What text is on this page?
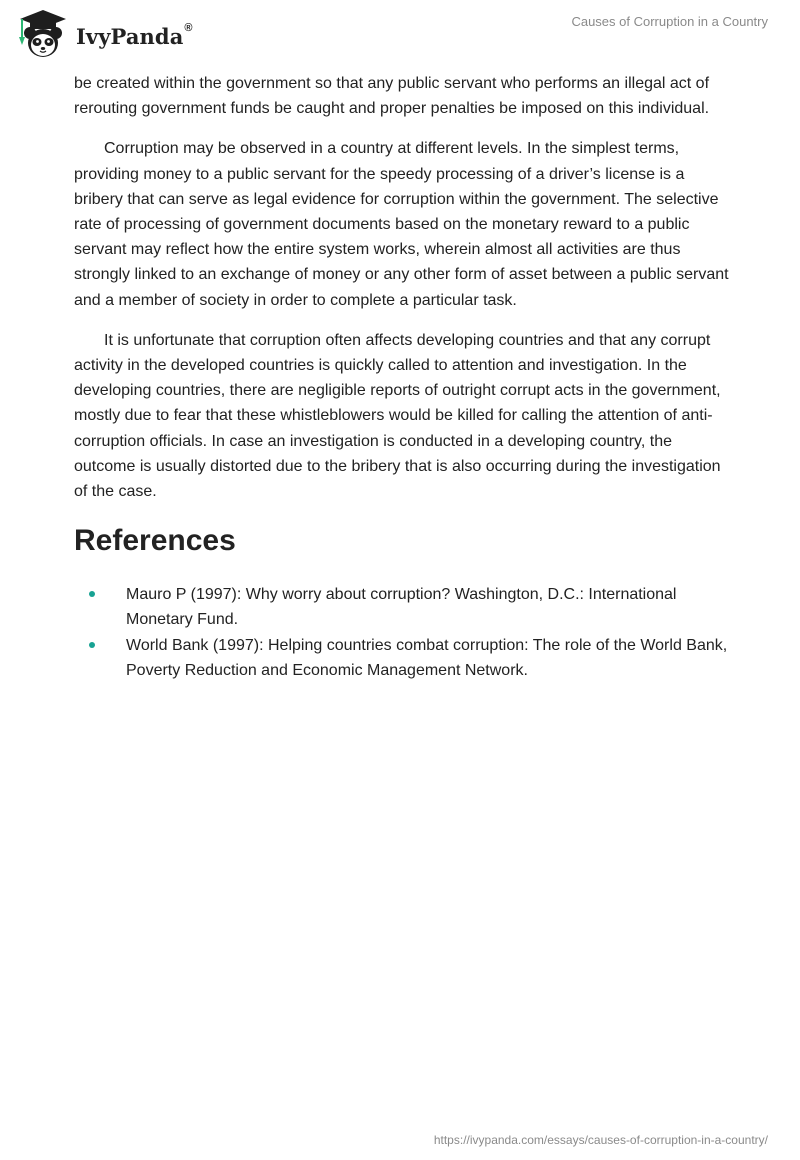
IvyPanda®	Causes of Corruption in a Country

be created within the government so that any public servant who performs an illegal act of rerouting government funds be caught and proper penalties be imposed on this individual.

Corruption may be observed in a country at different levels. In the simplest terms, providing money to a public servant for the speedy processing of a driver’s license is a bribery that can serve as legal evidence for corruption within the government. The selective rate of processing of government documents based on the monetary reward to a public servant may reflect how the entire system works, wherein almost all activities are thus strongly linked to an exchange of money or any other form of asset between a public servant and a member of society in order to complete a particular task.

It is unfortunate that corruption often affects developing countries and that any corrupt activity in the developed countries is quickly called to attention and investigation. In the developing countries, there are negligible reports of outright corrupt acts in the government, mostly due to fear that these whistleblowers would be killed for calling the attention of anti-corruption officials. In case an investigation is conducted in a developing country, the outcome is usually distorted due to the bribery that is also occurring during the investigation of the case.

References
Mauro P (1997): Why worry about corruption? Washington, D.C.: International Monetary Fund.
World Bank (1997): Helping countries combat corruption: The role of the World Bank, Poverty Reduction and Economic Management Network.
https://ivypanda.com/essays/causes-of-corruption-in-a-country/
